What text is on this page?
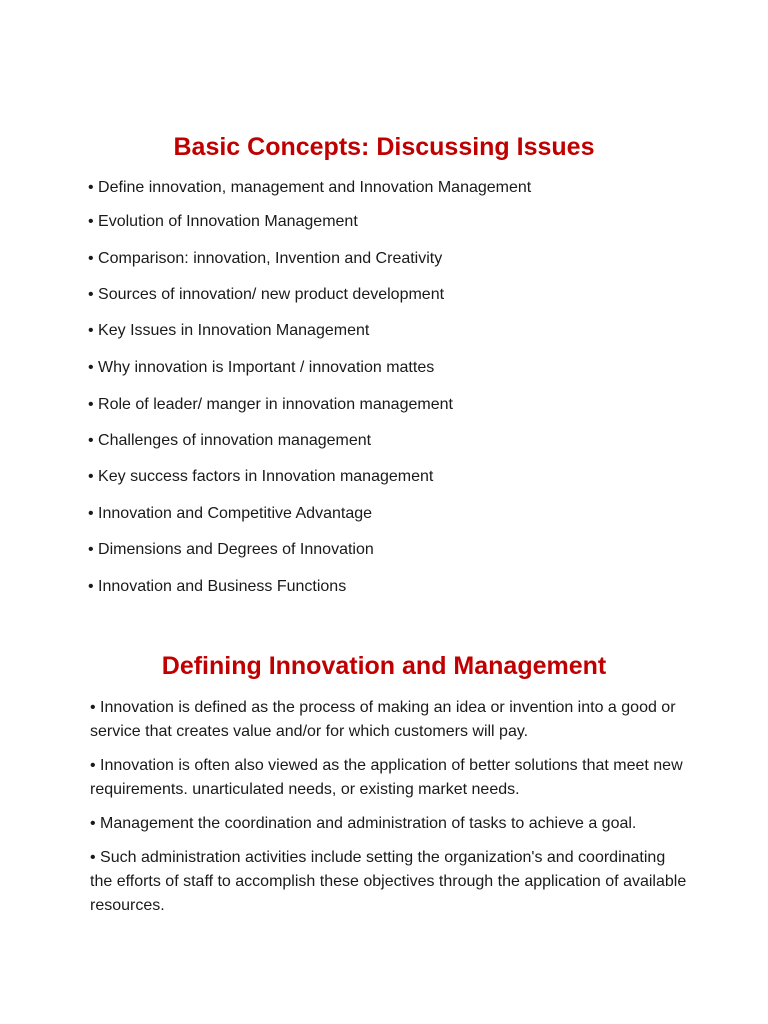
Basic Concepts: Discussing Issues
• Define innovation, management and Innovation Management
• Evolution of Innovation Management
• Comparison: innovation, Invention and Creativity
• Sources of innovation/ new product development
• Key Issues in Innovation Management
• Why innovation is Important / innovation mattes
• Role of leader/ manger in innovation management
• Challenges of innovation management
• Key success factors in Innovation management
• Innovation and Competitive Advantage
• Dimensions and Degrees of Innovation
• Innovation and Business Functions
Defining Innovation and Management

• Innovation is defined as the process of making an idea or invention into a good or service that creates value and/or for which customers will pay.

• Innovation is often also viewed as the application of better solutions that meet new requirements. unarticulated needs, or existing market needs.

• Management the coordination and administration of tasks to achieve a goal.

• Such administration activities include setting the organization's and coordinating the efforts of staff to accomplish these objectives through the application of available resources.
